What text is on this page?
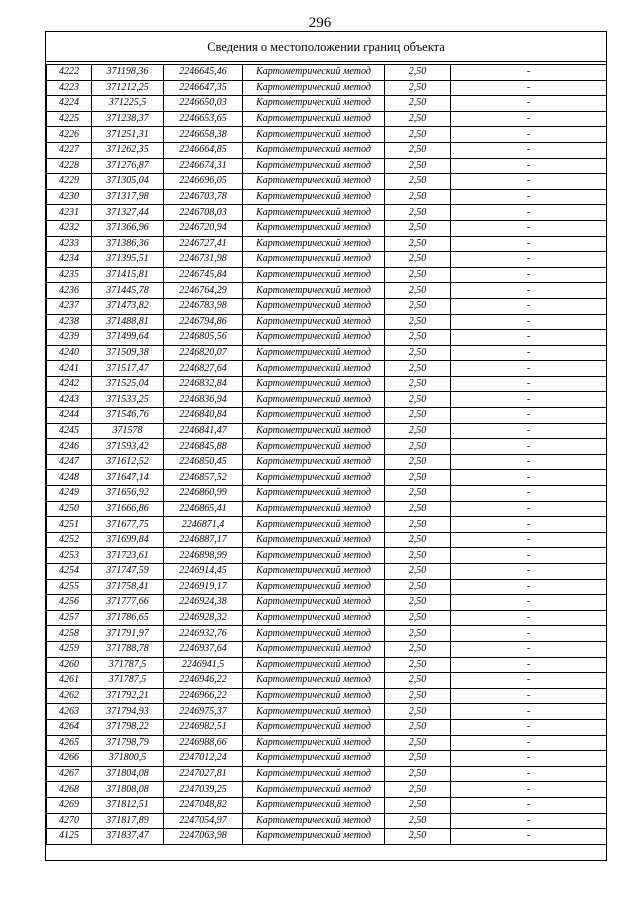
296
Сведения о местоположении границ объекта
4222	371198,36	2246645,46	Картометрический метод	2,50	-
4223	371212,25	2246647,35	Картометрический метод	2,50	-
4224	371225,5	2246650,03	Картометрический метод	2,50	-
4225	371238,37	2246653,65	Картометрический метод	2,50	-
4226	371251,31	2246658,38	Картометрический метод	2,50	-
4227	371262,35	2246664,85	Картометрический метод	2,50	-
4228	371276,87	2246674,31	Картометрический метод	2,50	-
4229	371305,04	2246696,05	Картометрический метод	2,50	-
4230	371317,98	2246703,78	Картометрический метод	2,50	-
4231	371327,44	2246708,03	Картометрический метод	2,50	-
4232	371366,96	2246720,94	Картометрический метод	2,50	-
4233	371386,36	2246727,41	Картометрический метод	2,50	-
4234	371395,51	2246731,98	Картометрический метод	2,50	-
4235	371415,81	2246745,84	Картометрический метод	2,50	-
4236	371445,78	2246764,29	Картометрический метод	2,50	-
4237	371473,82	2246783,98	Картометрический метод	2,50	-
4238	371488,81	2246794,86	Картометрический метод	2,50	-
4239	371499,64	2246805,56	Картометрический метод	2,50	-
4240	371509,38	2246820,07	Картометрический метод	2,50	-
4241	371517,47	2246827,64	Картометрический метод	2,50	-
4242	371525,04	2246832,84	Картометрический метод	2,50	-
4243	371533,25	2246836,94	Картометрический метод	2,50	-
4244	371546,76	2246840,84	Картометрический метод	2,50	-
4245	371578	2246841,47	Картометрический метод	2,50	-
4246	371593,42	2246845,88	Картометрический метод	2,50	-
4247	371612,52	2246850,45	Картометрический метод	2,50	-
4248	371647,14	2246857,52	Картометрический метод	2,50	-
4249	371656,92	2246860,99	Картометрический метод	2,50	-
4250	371666,86	2246865,41	Картометрический метод	2,50	-
4251	371677,75	2246871,4	Картометрический метод	2,50	-
4252	371699,84	2246887,17	Картометрический метод	2,50	-
4253	371723,61	2246898,99	Картометрический метод	2,50	-
4254	371747,59	2246914,45	Картометрический метод	2,50	-
4255	371758,41	2246919,17	Картометрический метод	2,50	-
4256	371777,66	2246924,38	Картометрический метод	2,50	-
4257	371786,65	2246928,32	Картометрический метод	2,50	-
4258	371791,97	2246932,76	Картометрический метод	2,50	-
4259	371788,78	2246937,64	Картометрический метод	2,50	-
4260	371787,5	2246941,5	Картометрический метод	2,50	-
4261	371787,5	2246946,22	Картометрический метод	2,50	-
4262	371792,21	2246966,22	Картометрический метод	2,50	-
4263	371794,93	2246975,37	Картометрический метод	2,50	-
4264	371798,22	2246982,51	Картометрический метод	2,50	-
4265	371798,79	2246988,66	Картометрический метод	2,50	-
4266	371800,5	2247012,24	Картометрический метод	2,50	-
4267	371804,08	2247027,81	Картометрический метод	2,50	-
4268	371808,08	2247039,25	Картометрический метод	2,50	-
4269	371812,51	2247048,82	Картометрический метод	2,50	-
4270	371817,89	2247054,97	Картометрический метод	2,50	-
4125	371837,47	2247063,98	Картометрический метод	2,50	-
